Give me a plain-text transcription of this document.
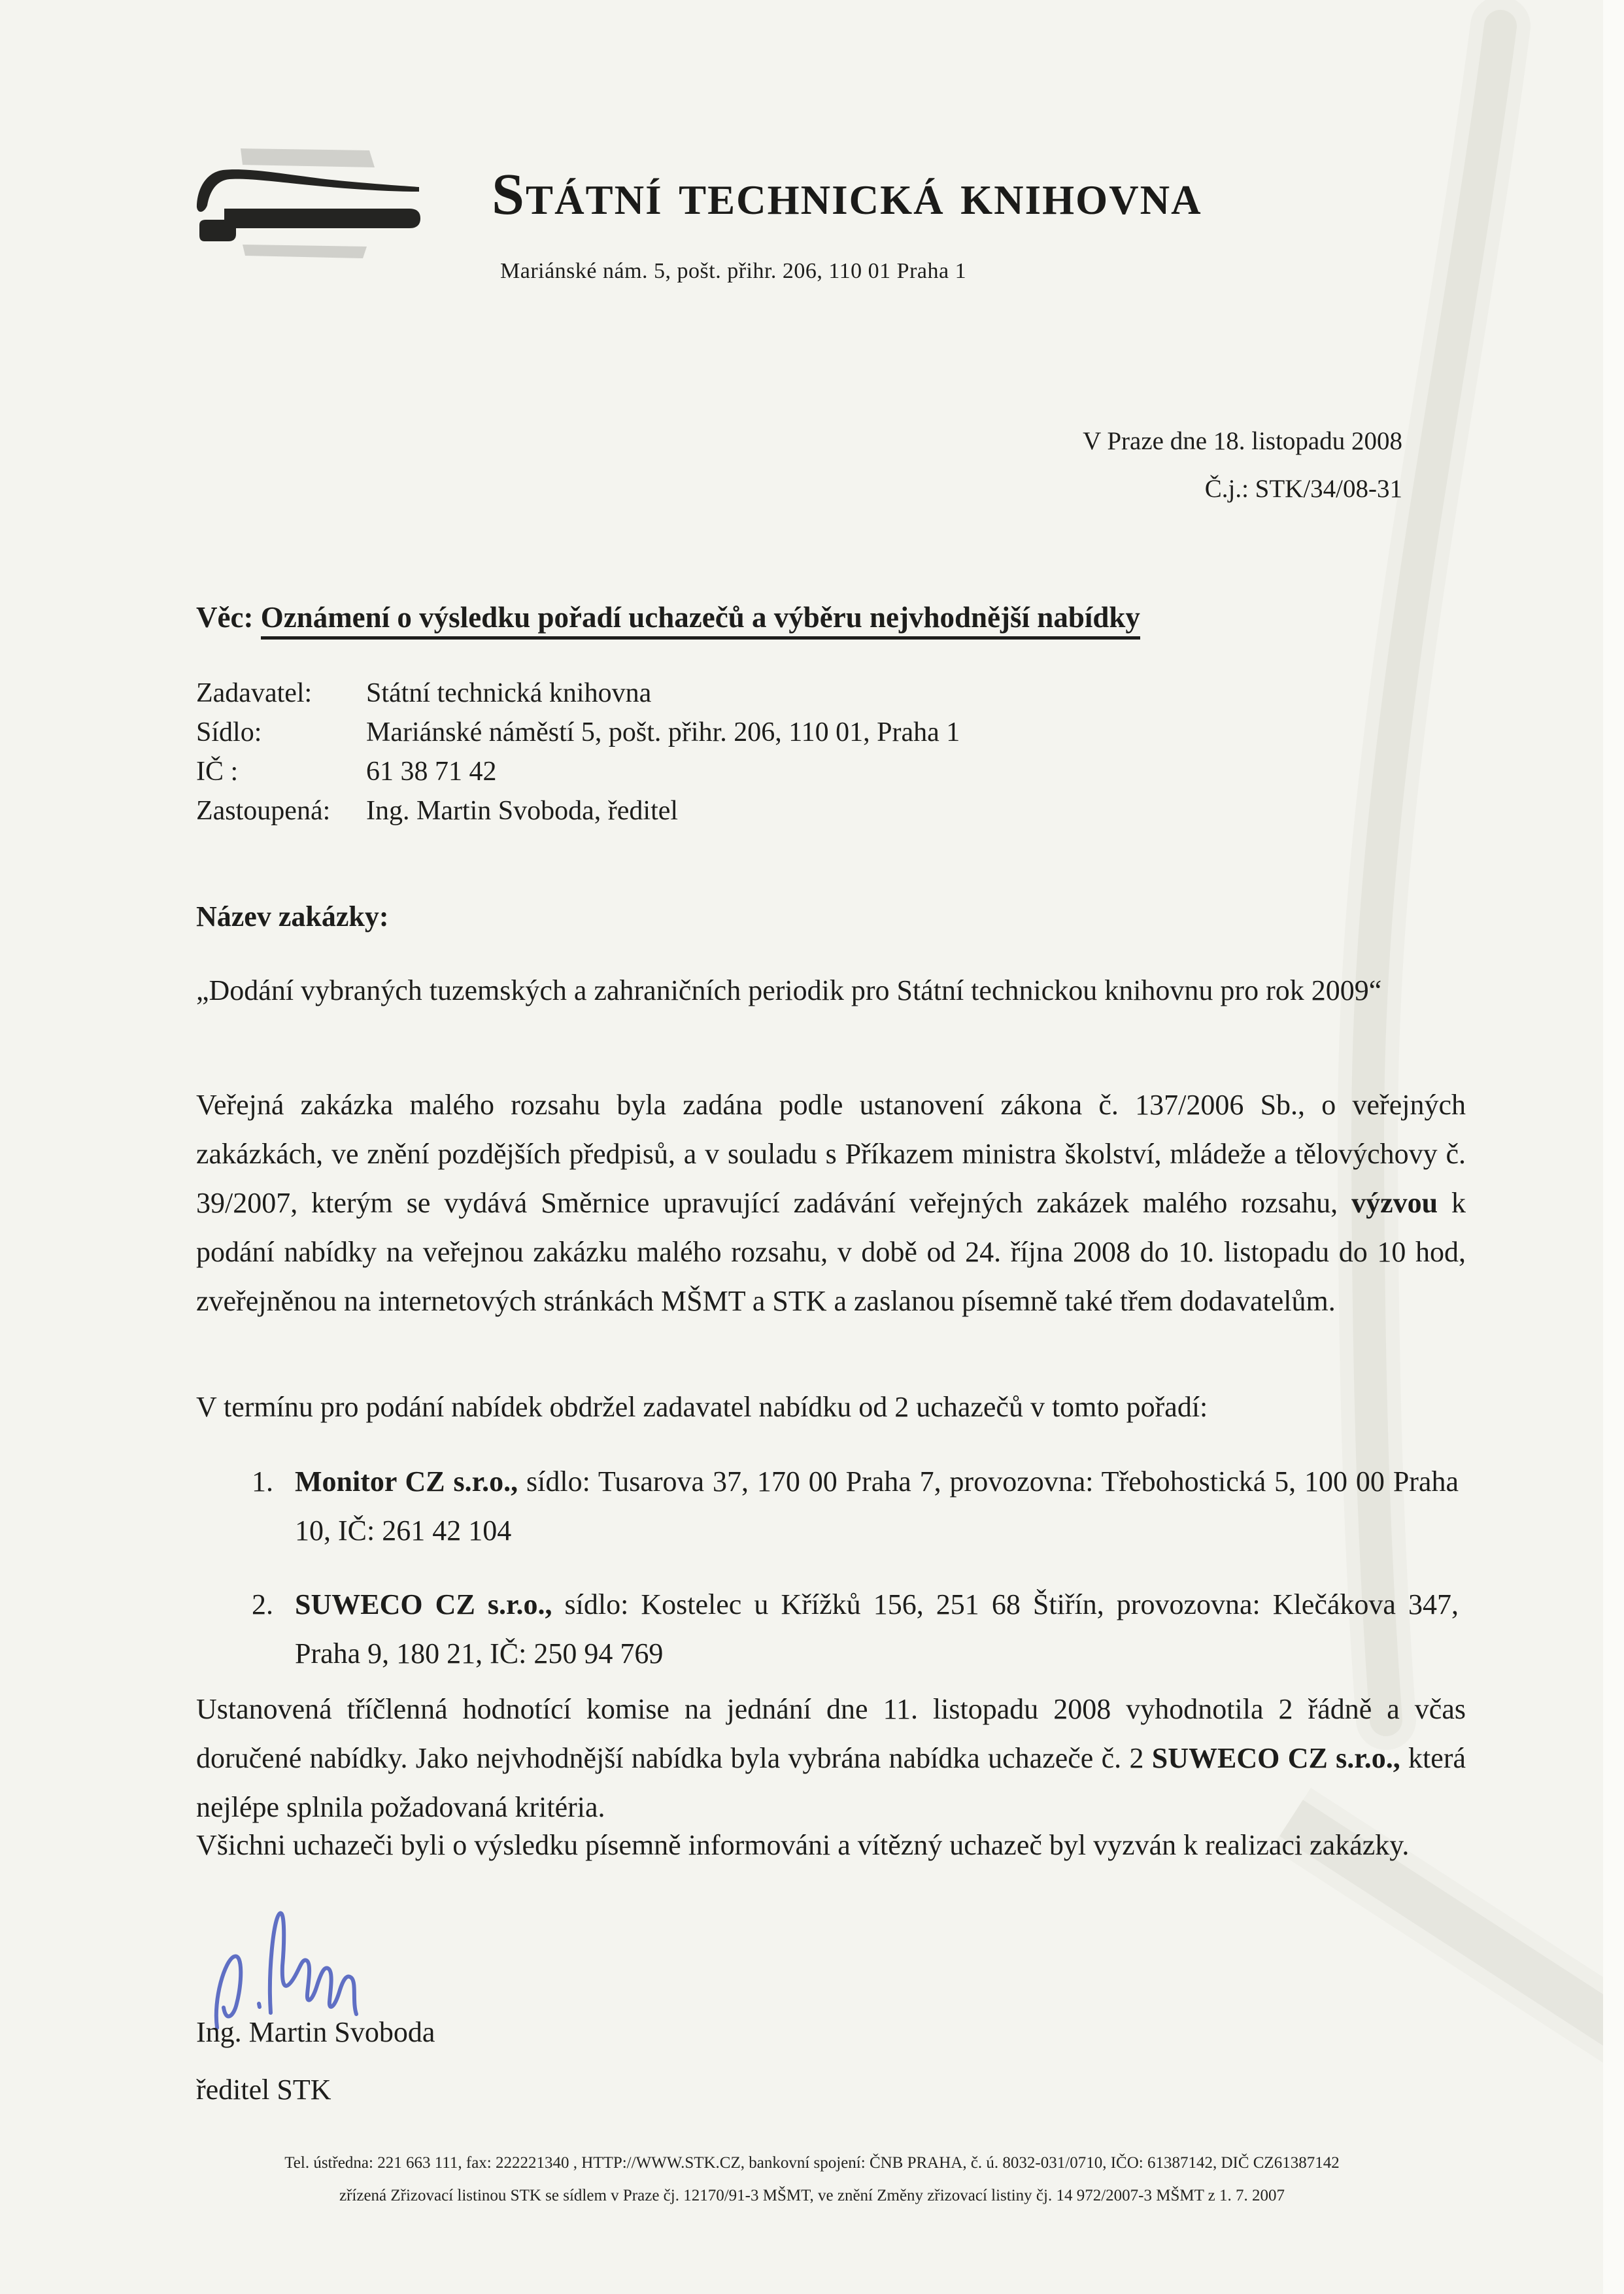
Státní technická knihovna
Mariánské nám. 5, pošt. přihr. 206, 110 01 Praha 1
V Praze dne 18. listopadu 2008
Č.j.: STK/34/08-31
Věc: Oznámení o výsledku pořadí uchazečů a výběru nejvhodnější nabídky
Zadavatel:	Státní technická knihovna
Sídlo:	Mariánské náměstí 5, pošt. přihr. 206, 110 01, Praha 1
IČ :	61 38 71 42
Zastoupená:	Ing. Martin Svoboda, ředitel
Název zakázky:
„Dodání vybraných tuzemských a zahraničních periodik pro Státní technickou knihovnu pro rok 2009“
Veřejná zakázka malého rozsahu byla zadána podle ustanovení zákona č. 137/2006 Sb., o veřejných zakázkách, ve znění pozdějších předpisů, a v souladu s Příkazem ministra školství, mládeže a tělovýchovy č. 39/2007, kterým se vydává Směrnice upravující zadávání veřejných zakázek malého rozsahu, výzvou k podání nabídky na veřejnou zakázku malého rozsahu, v době od 24. října 2008 do 10. listopadu do 10 hod, zveřejněnou na internetových stránkách MŠMT a STK a zaslanou písemně také třem dodavatelům.
V termínu pro podání nabídek obdržel zadavatel nabídku od 2 uchazečů v tomto pořadí:
1. Monitor CZ s.r.o., sídlo: Tusarova 37, 170 00 Praha 7, provozovna: Třebohostická 5, 100 00 Praha 10, IČ: 261 42 104
2. SUWECO CZ s.r.o., sídlo: Kostelec u Křížků 156, 251 68 Štiřín, provozovna: Klečákova 347, Praha 9, 180 21, IČ: 250 94 769
Ustanovená tříčlenná hodnotící komise na jednání dne 11. listopadu 2008 vyhodnotila 2 řádně a včas doručené nabídky. Jako nejvhodnější nabídka byla vybrána nabídka uchazeče č. 2 SUWECO CZ s.r.o., která nejlépe splnila požadovaná kritéria.
Všichni uchazeči byli o výsledku písemně informováni a vítězný uchazeč byl vyzván k realizaci zakázky.
Ing. Martin Svoboda
ředitel STK
Tel. ústředna: 221 663 111, fax: 222221340 , HTTP://WWW.STK.CZ, bankovní spojení: ČNB PRAHA, č. ú. 8032-031/0710, IČO: 61387142, DIČ CZ61387142
zřízená Zřizovací listinou STK se sídlem v Praze čj. 12170/91-3 MŠMT, ve znění Změny zřizovací listiny čj. 14 972/2007-3 MŠMT z 1. 7. 2007
